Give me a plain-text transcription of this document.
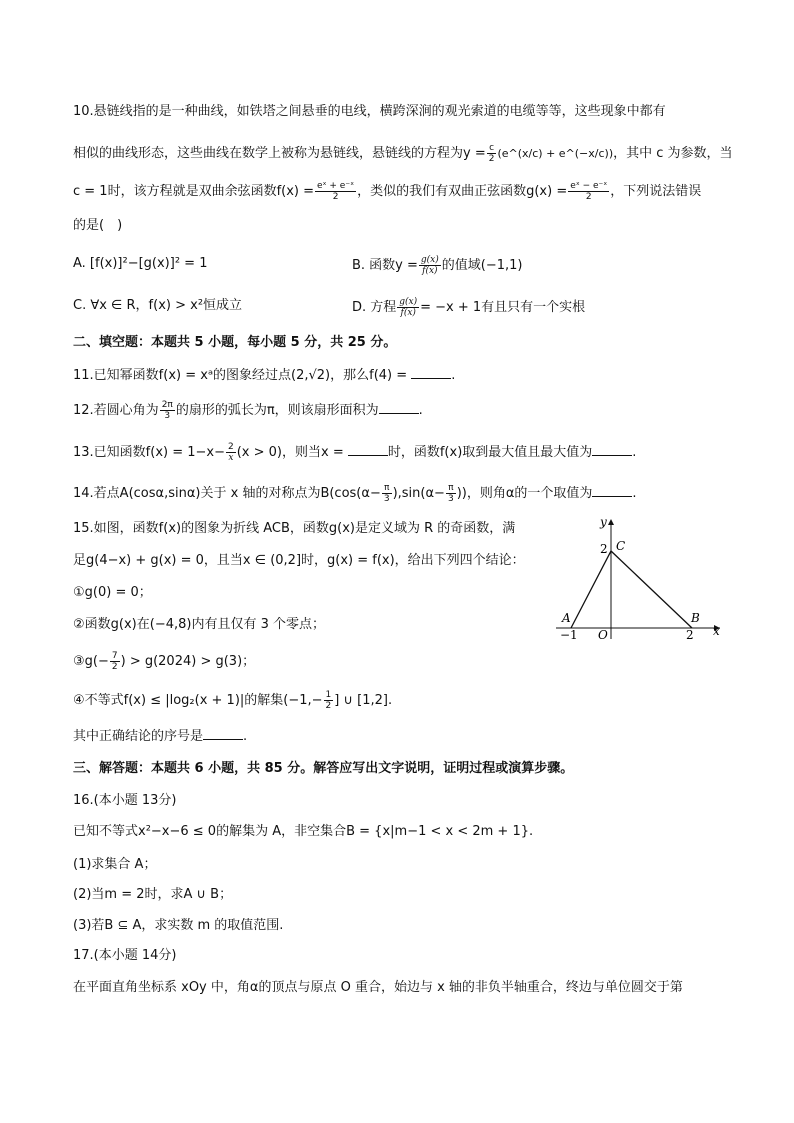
10.悬链线指的是一种曲线，如铁塔之间悬垂的电线，横跨深涧的观光索道的电缆等等，这些现象中都有
相似的曲线形态，这些曲线在数学上被称为悬链线，悬链线的方程为$y = \frac{c}{2}$ (e^(x/c) + e^(−x/c))，其中 c 为参数，当
c = 1时，该方程就是双曲余弦函数$f(x) = \frac{\text{eˣ + e⁻ˣ}}{2}$ ，类似的我们有双曲正弦函数$g(x) = \frac{\text{eˣ − e⁻ˣ}}{2}$ ，下列说法错误
的是(　)
A. [f(x)]²−[g(x)]² = 1	B. 函数$y = \frac{g(x)}{f(x)}$ 的值域(−1,1)
C. ∀x ∈ R，f(x) > x²恒成立	D. 方程 $\frac{g(x)}{f(x)} = -x + 1$有且只有一个实根
二、填空题：本题共 5 小题，每小题 5 分，共 25 分。
11.已知幂函数f(x) = xᵃ的图象经过点(2,√2)，那么f(4) =	.
12.若圆心角为 $\frac{2\pi}{3}$ 的扇形的弧长为π，则该扇形面积为	.
13.已知函数$f(x) = 1-x- \frac{2}{x} (x > 0)$，则当x =	时，函数f(x)取到最大值且最大值为	.
14.若点A(cosα,sinα)关于 x 轴的对称点为$B(\cos(\alpha- \frac{\pi}{3} ),\sin(\alpha- \frac{\pi}{3}$ ))，则角α的一个取值为	.
15.如图，函数f(x)的图象为折线 ACB，函数g(x)是定义域为 R 的奇函数，满
足g(4−x) + g(x) = 0，且当x ∈ (0,2]时，g(x) = f(x)，给出下列四个结论：
①g(0) = 0；
②函数g(x)在(−4,8)内有且仅有 3 个零点；
③g(− $\frac{7}{2}$ ) > g(2024) > g(3)；
④不等式f(x) ≤ |log₂(x + 1)|的解集($-1,- \frac{1}{2}$ ] ∪ [1,2].
其中正确结论的序号是	.
y
x
C
2
A	B
−1 O	2
三、解答题：本题共 6 小题，共 85 分。解答应写出文字说明，证明过程或演算步骤。
16.(本小题 13分)
已知不等式x²−x−6 ≤ 0的解集为 A，非空集合B = {x|m−1 < x < 2m + 1}.
(1)求集合 A；
(2)当m = 2时，求A ∪ B；
(3)若B ⊆ A，求实数 m 的取值范围.
17.(本小题 14分)
在平面直角坐标系 xOy 中，角α的顶点与原点 O 重合，始边与 x 轴的非负半轴重合，终边与单位圆交于第
